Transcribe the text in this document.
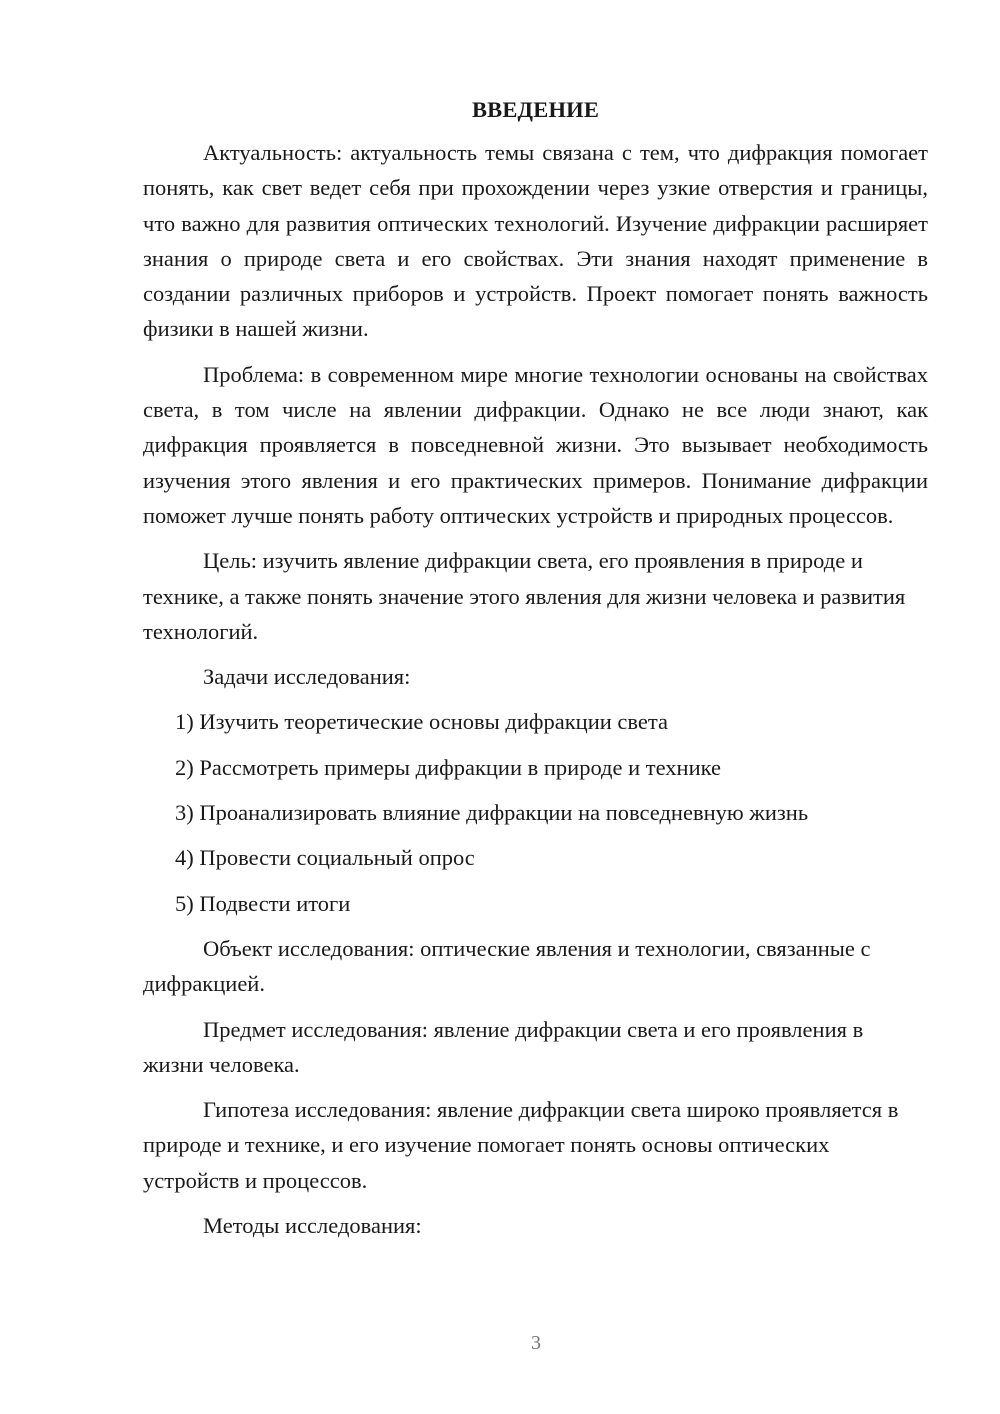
ВВЕДЕНИЕ

Актуальность: актуальность темы связана с тем, что дифракция помогает понять, как свет ведет себя при прохождении через узкие отверстия и границы, что важно для развития оптических технологий. Изучение дифракции расширяет знания о природе света и его свойствах. Эти знания находят применение в создании различных приборов и устройств. Проект помогает понять важность физики в нашей жизни.

Проблема: в современном мире многие технологии основаны на свойствах света, в том числе на явлении дифракции. Однако не все люди знают, как дифракция проявляется в повседневной жизни. Это вызывает необходимость изучения этого явления и его практических примеров. Понимание дифракции поможет лучше понять работу оптических устройств и природных процессов.

Цель: изучить явление дифракции света, его проявления в природе и технике, а также понять значение этого явления для жизни человека и развития технологий.

Задачи исследования:
1) Изучить теоретические основы дифракции света
2) Рассмотреть примеры дифракции в природе и технике
3) Проанализировать влияние дифракции на повседневную жизнь
4) Провести социальный опрос
5) Подвести итоги

Объект исследования: оптические явления и технологии, связанные с дифракцией.

Предмет исследования: явление дифракции света и его проявления в жизни человека.

Гипотеза исследования: явление дифракции света широко проявляется в природе и технике, и его изучение помогает понять основы оптических устройств и процессов.

Методы исследования:
3
